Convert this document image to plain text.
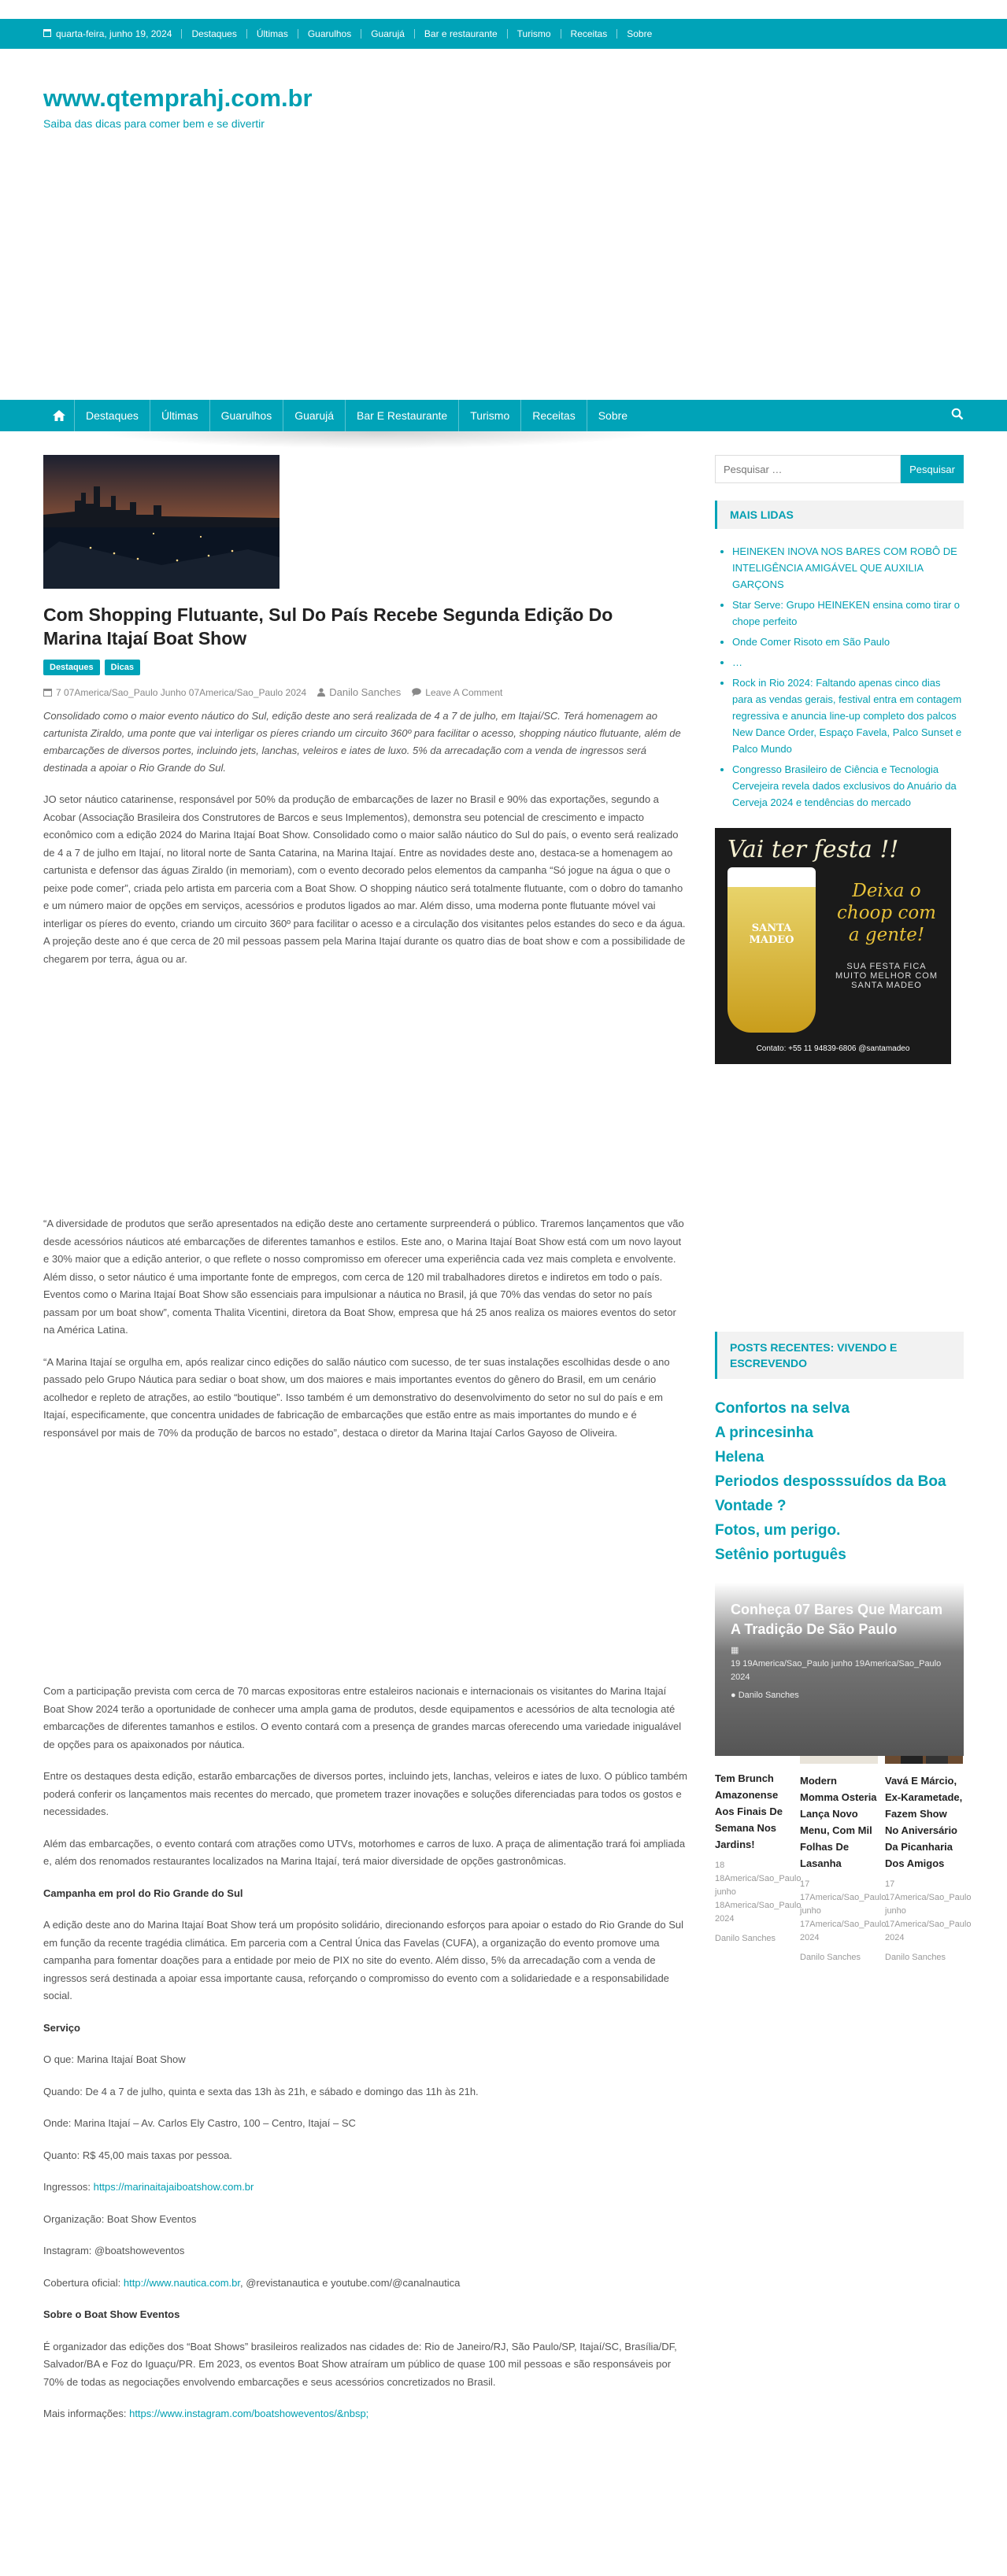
quarta-feira, junho 19, 2024	Destaques	Últimas	Guarulhos	Guarujá	Bar e restaurante	Turismo	Receitas	Sobre
www.qtemprahj.com.br
Saiba das dicas para comer bem e se divertir
Destaques	Últimas	Guarulhos	Guarujá	Bar E Restaurante	Turismo	Receitas	Sobre
Com Shopping Flutuante, Sul Do País Recebe Segunda Edição Do Marina Itajaí Boat Show
Destaques	Dicas
7 07America/Sao_Paulo Junho 07America/Sao_Paulo 2024 Danilo Sanches	Leave A Comment

Consolidado como o maior evento náutico do Sul, edição deste ano será realizada de 4 a 7 de julho, em Itajaí/SC. Terá homenagem ao cartunista Ziraldo, uma ponte que vai interligar os píeres criando um circuito 360º para facilitar o acesso, shopping náutico flutuante, além de embarcações de diversos portes, incluindo jets, lanchas, veleiros e iates de luxo. 5% da arrecadação com a venda de ingressos será destinada a apoiar o Rio Grande do Sul.

JO setor náutico catarinense, responsável por 50% da produção de embarcações de lazer no Brasil e 90% das exportações, segundo a Acobar (Associação Brasileira dos Construtores de Barcos e seus Implementos), demonstra seu potencial de crescimento e impacto econômico com a edição 2024 do Marina Itajaí Boat Show. Consolidado como o maior salão náutico do Sul do país, o evento será realizado de 4 a 7 de julho em Itajaí, no litoral norte de Santa Catarina, na Marina Itajaí. Entre as novidades deste ano, destaca-se a homenagem ao cartunista e defensor das águas Ziraldo (in memoriam), com o evento decorado pelos elementos da campanha “Só jogue na água o que o peixe pode comer”, criada pelo artista em parceria com a Boat Show. O shopping náutico será totalmente flutuante, com o dobro do tamanho e um número maior de opções em serviços, acessórios e produtos ligados ao mar. Além disso, uma moderna ponte flutuante móvel vai interligar os píeres do evento, criando um circuito 360º para facilitar o acesso e a circulação dos visitantes pelos estandes do seco e da água. A projeção deste ano é que cerca de 20 mil pessoas passem pela Marina Itajaí durante os quatro dias de boat show e com a possibilidade de chegarem por terra, água ou ar.

“A diversidade de produtos que serão apresentados na edição deste ano certamente surpreenderá o público. Traremos lançamentos que vão desde acessórios náuticos até embarcações de diferentes tamanhos e estilos. Este ano, o Marina Itajaí Boat Show está com um novo layout e 30% maior que a edição anterior, o que reflete o nosso compromisso em oferecer uma experiência cada vez mais completa e envolvente. Além disso, o setor náutico é uma importante fonte de empregos, com cerca de 120 mil trabalhadores diretos e indiretos em todo o país. Eventos como o Marina Itajaí Boat Show são essenciais para impulsionar a náutica no Brasil, já que 70% das vendas do setor no país passam por um boat show”, comenta Thalita Vicentini, diretora da Boat Show, empresa que há 25 anos realiza os maiores eventos do setor na América Latina.

“A Marina Itajaí se orgulha em, após realizar cinco edições do salão náutico com sucesso, de ter suas instalações escolhidas desde o ano passado pelo Grupo Náutica para sediar o boat show, um dos maiores e mais importantes eventos do gênero do Brasil, em um cenário acolhedor e repleto de atrações, ao estilo “boutique”. Isso também é um demonstrativo do desenvolvimento do setor no sul do país e em Itajaí, especificamente, que concentra unidades de fabricação de embarcações que estão entre as mais importantes do mundo e é responsável por mais de 70% da produção de barcos no estado”, destaca o diretor da Marina Itajaí Carlos Gayoso de Oliveira.

Com a participação prevista com cerca de 70 marcas expositoras entre estaleiros nacionais e internacionais os visitantes do Marina Itajaí Boat Show 2024 terão a oportunidade de conhecer uma ampla gama de produtos, desde equipamentos e acessórios de alta tecnologia até embarcações de diferentes tamanhos e estilos. O evento contará com a presença de grandes marcas oferecendo uma variedade inigualável de opções para os apaixonados por náutica.

Entre os destaques desta edição, estarão embarcações de diversos portes, incluindo jets, lanchas, veleiros e iates de luxo. O público também poderá conferir os lançamentos mais recentes do mercado, que prometem trazer inovações e soluções diferenciadas para todos os gostos e necessidades.

Além das embarcações, o evento contará com atrações como UTVs, motorhomes e carros de luxo. A praça de alimentação trará foi ampliada e, além dos renomados restaurantes localizados na Marina Itajaí, terá maior diversidade de opções gastronômicas.

Campanha em prol do Rio Grande do Sul

A edição deste ano do Marina Itajaí Boat Show terá um propósito solidário, direcionando esforços para apoiar o estado do Rio Grande do Sul em função da recente tragédia climática. Em parceria com a Central Única das Favelas (CUFA), a organização do evento promove uma campanha para fomentar doações para a entidade por meio de PIX no site do evento. Além disso, 5% da arrecadação com a venda de ingressos será destinada a apoiar essa importante causa, reforçando o compromisso do evento com a solidariedade e a responsabilidade social.

Serviço

O que: Marina Itajaí Boat Show

Quando: De 4 a 7 de julho, quinta e sexta das 13h às 21h, e sábado e domingo das 11h às 21h.

Onde: Marina Itajaí – Av. Carlos Ely Castro, 100 – Centro, Itajaí – SC

Quanto: R$ 45,00 mais taxas por pessoa.

Ingressos: https://marinaitajaiboatshow.com.br

Organização: Boat Show Eventos

Instagram: @boatshoweventos

Cobertura oficial: http://www.nautica.com.br, @revistanautica e youtube.com/@canalnautica

Sobre o Boat Show Eventos

É organizador das edições dos “Boat Shows” brasileiros realizados nas cidades de: Rio de Janeiro/RJ, São Paulo/SP, Itajaí/SC, Brasília/DF, Salvador/BA e Foz do Iguaçu/PR. Em 2023, os eventos Boat Show atraíram um público de quase 100 mil pessoas e são responsáveis por 70% de todas as negociações envolvendo embarcações e seus acessórios concretizados no Brasil.

Mais informações: https://www.instagram.com/boatshoweventos/&nbsp;

Pesquisar …
Pesquisar
MAIS LIDAS
• HEINEKEN INOVA NOS BARES COM ROBÔ DE INTELIGÊNCIA AMIGÁVEL QUE AUXILIA GARÇONS
• Star Serve: Grupo HEINEKEN ensina como tirar o chope perfeito
• Onde Comer Risoto em São Paulo
• …
• Rock in Rio 2024: Faltando apenas cinco dias para as vendas gerais, festival entra em contagem regressiva e anuncia line-up completo dos palcos New Dance Order, Espaço Favela, Palco Sunset e Palco Mundo
• Congresso Brasileiro de Ciência e Tecnologia Cervejeira revela dados exclusivos do Anuário da Cerveja 2024 e tendências do mercado
Vai ter festa !!
SANTA MADEO
Deixa o choop com a gente!
SUA FESTA FICA MUITO MELHOR COM SANTA MADEO
Contato: +55 11 94839-6806 @santamadeo
POSTS RECENTES: VIVENDO E ESCREVENDO
Confortos na selva
A princesinha
Helena
Periodos desposssuídos da Boa Vontade ?
Fotos, um perigo.
Setênio português
Conheça 07 Bares Que Marcam A Tradição De São Paulo
▦
19 19America/Sao_Paulo junho 19America/Sao_Paulo 2024
● Danilo Sanches
Tem Brunch Amazonense Aos Finais De Semana Nos Jardins!
18 18America/Sao_Paulo junho 18America/Sao_Paulo 2024
Danilo Sanches
Modern Momma Osteria Lança Novo Menu, Com Mil Folhas De Lasanha
17 17America/Sao_Paulo junho 17America/Sao_Paulo 2024
Danilo Sanches
Vavá E Márcio, Ex-Karametade, Fazem Show No Aniversário Da Picanharia Dos Amigos
17 17America/Sao_Paulo junho 17America/Sao_Paulo 2024
Danilo Sanches
